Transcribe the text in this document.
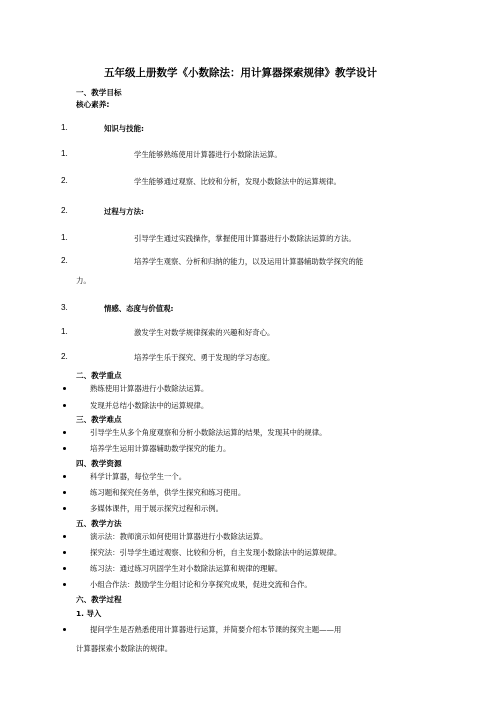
五年级上册数学《小数除法：用计算器探索规律》教学设计
一、教学目标
核心素养:
1.	知识与技能:
1.	学生能够熟练使用计算器进行小数除法运算。
2.	学生能够通过观察、比较和分析，发现小数除法中的运算规律。
2.	过程与方法:
1.	引导学生通过实践操作，掌握使用计算器进行小数除法运算的方法。
2.	培养学生观察、分析和归纳的能力，以及运用计算器辅助数学探究的能
力。
3.	情感、态度与价值观:
1.	激发学生对数学规律探索的兴趣和好奇心。
2.	培养学生乐于探究、勇于发现的学习态度。
二、教学重点
熟练使用计算器进行小数除法运算。
发现并总结小数除法中的运算规律。
三、教学难点
引导学生从多个角度观察和分析小数除法运算的结果，发现其中的规律。
培养学生运用计算器辅助数学探究的能力。
四、教学资源
科学计算器，每位学生一个。
练习题和探究任务单，供学生探究和练习使用。
多媒体课件，用于展示探究过程和示例。
五、教学方法
演示法：教师演示如何使用计算器进行小数除法运算。
探究法：引导学生通过观察、比较和分析，自主发现小数除法中的运算规律。
练习法：通过练习巩固学生对小数除法运算和规律的理解。
小组合作法：鼓励学生分组讨论和分享探究成果，促进交流和合作。
六、教学过程
1. 导入
提问学生是否熟悉使用计算器进行运算，并简要介绍本节课的探究主题——用
计算器探索小数除法的规律。
